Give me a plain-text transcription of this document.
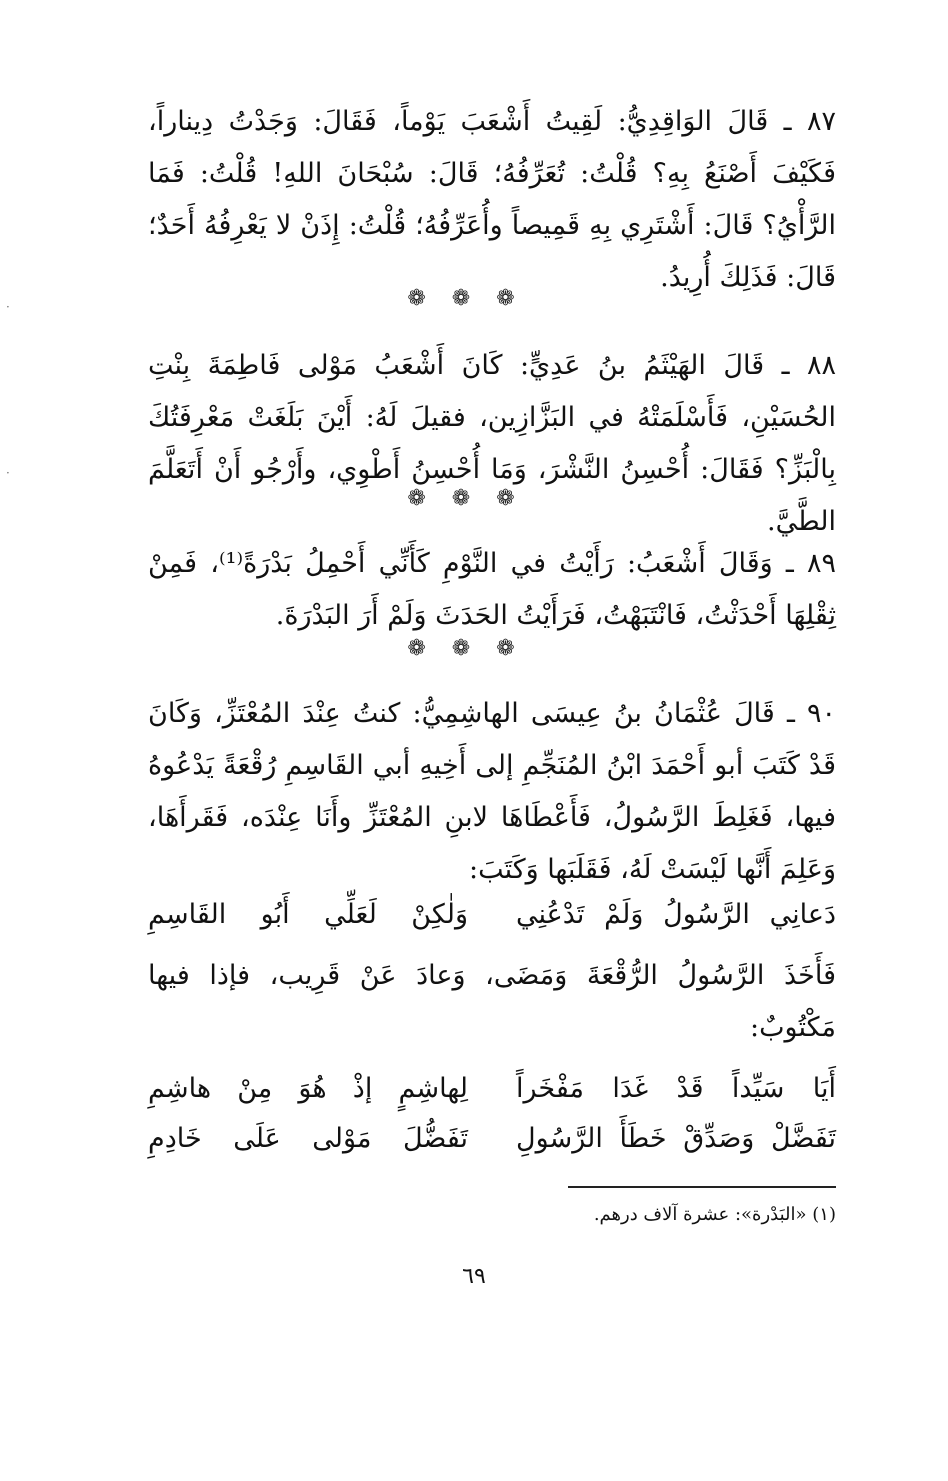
٨٧ ـ قَالَ الوَاقِدِيُّ: لَقِيتُ أَشْعَبَ يَوْماً، فَقَالَ: وَجَدْتُ دِيناراً، فَكَيْفَ أَصْنَعُ بِهِ؟ قُلْتُ: تُعَرِّفُهُ؛ قَالَ: سُبْحَانَ اللهِ! قُلْتُ: فَمَا الرَّأْيُ؟ قَالَ: أَشْتَرِي بِهِ قَمِيصاً وأُعَرِّفُهُ؛ قُلْتُ: إِذَنْ لا يَعْرِفُهُ أَحَدٌ؛ قَالَ: فَذَلِكَ أُرِيدُ.

❁❁❁

٨٨ ـ قَالَ الهَيْثَمُ بنُ عَدِيٍّ: كَانَ أَشْعَبُ مَوْلى فَاطِمَةَ بِنْتِ الحُسَيْنِ، فَأَسْلَمَتْهُ في البَزَّازِين، فقيلَ لَهُ: أَيْنَ بَلَغَتْ مَعْرِفَتُكَ بِالْبَزِّ؟ فَقَالَ: أُحْسِنُ النَّشْرَ، وَمَا أُحْسِنُ أَطْوِي، وأَرْجُو أَنْ أَتَعَلَّمَ الطَّيَّ.

❁❁❁

٨٩ ـ وَقَالَ أَشْعَبُ: رَأَيْتُ في النَّوْمِ كَأَنِّي أَحْمِلُ بَدْرَةً⁽¹⁾، فَمِنْ ثِقْلِهَا أَحْدَثْتُ، فَانْتَبَهْتُ، فَرَأَيْتُ الحَدَثَ وَلَمْ أَرَ البَدْرَةَ.

❁❁❁

٩٠ ـ قَالَ عُثْمَانُ بنُ عِيسَى الهاشِمِيُّ: كنتُ عِنْدَ المُعْتَزِّ، وَكَانَ قَدْ كَتَبَ أبو أَحْمَدَ ابْنُ المُنَجِّمِ إلى أَخِيهِ أبي القَاسِمِ رُقْعَةً يَدْعُوهُ فيها، فَغَلِطَ الرَّسُولُ، فَأَعْطَاهَا لابنِ المُعْتَزِّ وأَنَا عِنْدَه، فَقَرأَهَا، وَعَلِمَ أَنَّها لَيْسَتْ لَهُ، فَقَلَبَها وَكَتَبَ:

دَعانِي الرَّسُولُ وَلَمْ تَدْعُنِي
وَلٰكِنْ لَعَلِّي أَبُو القَاسِمِ

فَأَخَذَ الرَّسُولُ الرُّقْعَةَ وَمَضَى، وَعادَ عَنْ قَرِيب، فإذا فيها مَكْتُوبٌ:

أَيَا سَيِّداً قَدْ غَدَا مَفْخَراً
لِهاشِمٍ إذْ هُوَ مِنْ هاشِمِ
تَفَضَّلْ وَصَدِّقْ خَطَأَ الرَّسُولِ
تَفَضُّلَ مَوْلى عَلَى خَادِمِ
(١) «البَدْرة»: عشرة آلاف درهم.
٦٩
·
·
